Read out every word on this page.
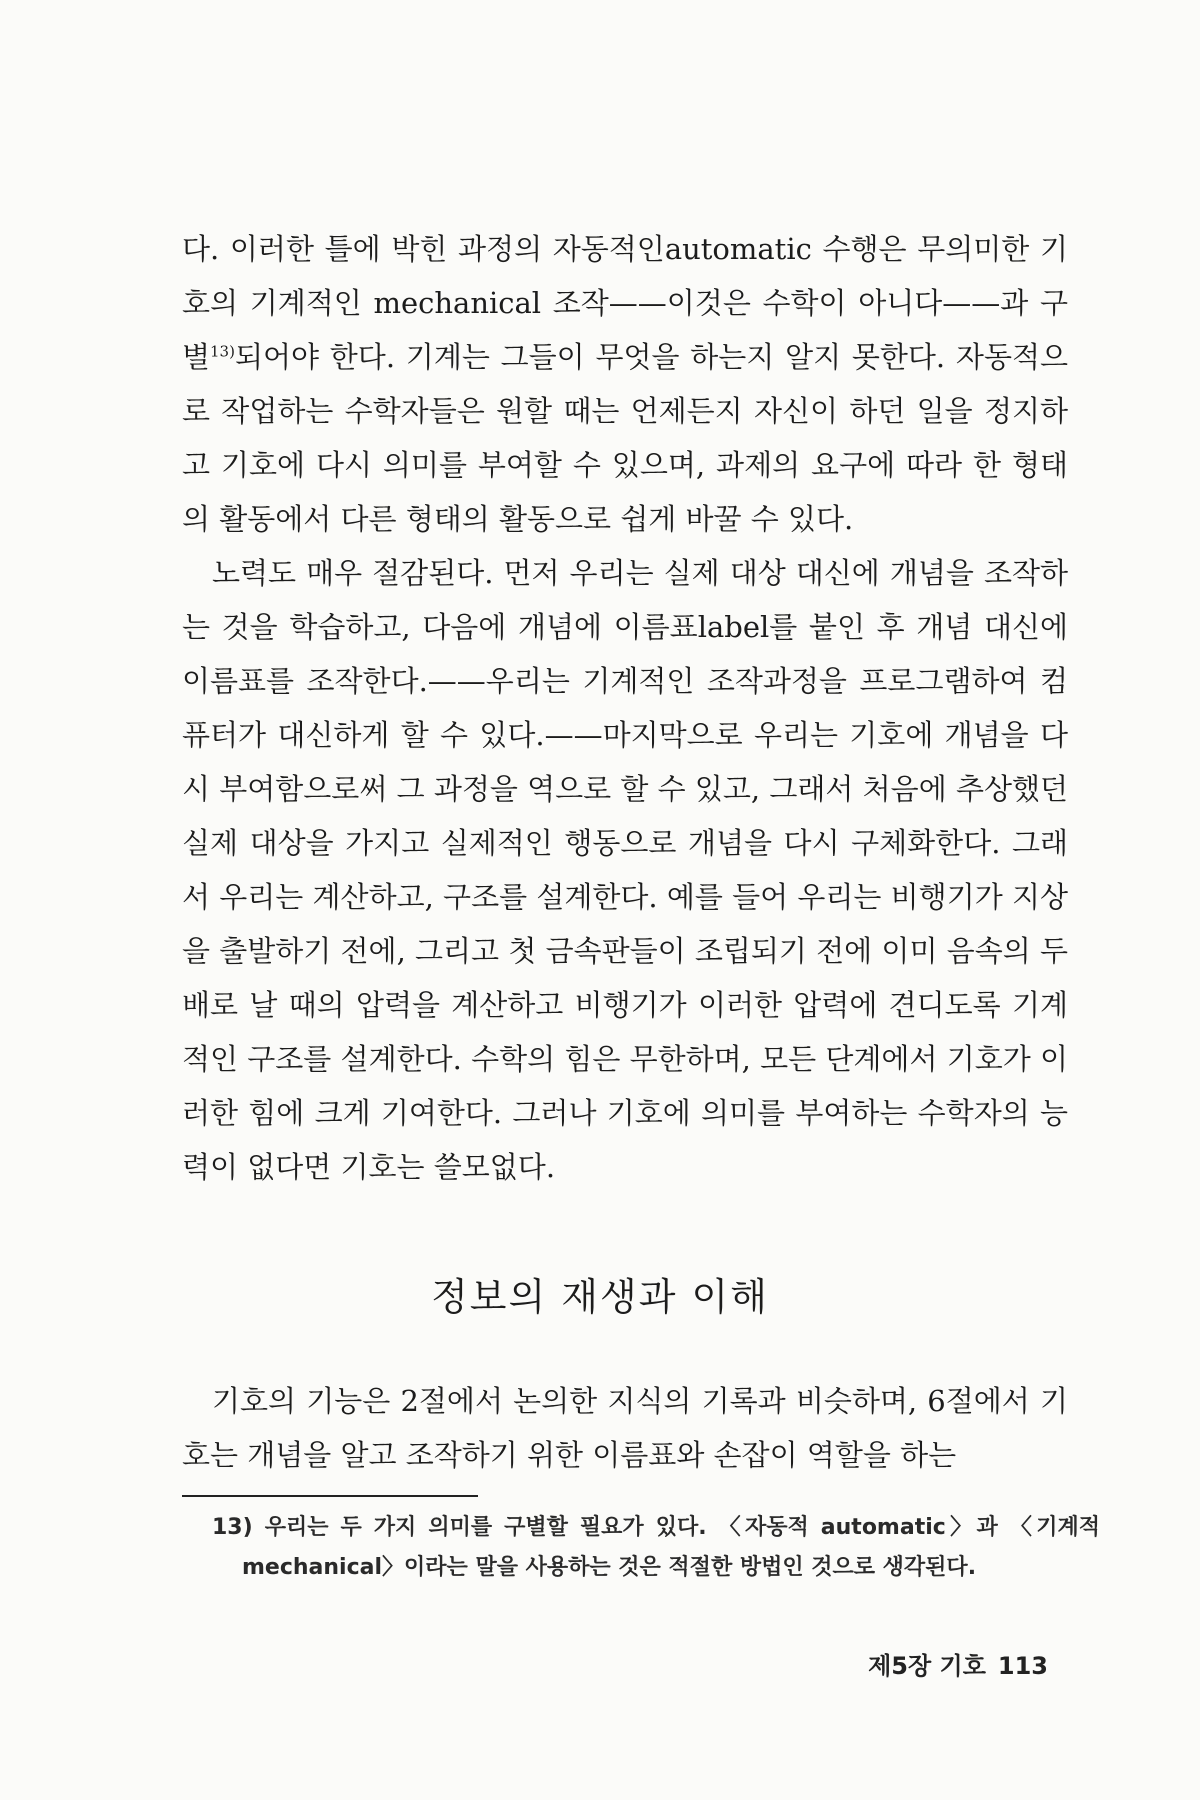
다. 이러한 틀에 박힌 과정의 자동적인automatic 수행은 무의미한 기호의 기계적인 mechanical 조작——이것은 수학이 아니다——과 구별$^{13)}$되어야 한다. 기계는 그들이 무엇을 하는지 알지 못한다. 자동적으로 작업하는 수학자들은 원할 때는 언제든지 자신이 하던 일을 정지하고 기호에 다시 의미를 부여할 수 있으며, 과제의 요구에 따라 한 형태의 활동에서 다른 형태의 활동으로 쉽게 바꿀 수 있다.

노력도 매우 절감된다. 먼저 우리는 실제 대상 대신에 개념을 조작하는 것을 학습하고, 다음에 개념에 이름표label를 붙인 후 개념 대신에 이름표를 조작한다.——우리는 기계적인 조작과정을 프로그램하여 컴퓨터가 대신하게 할 수 있다.——마지막으로 우리는 기호에 개념을 다시 부여함으로써 그 과정을 역으로 할 수 있고, 그래서 처음에 추상했던 실제 대상을 가지고 실제적인 행동으로 개념을 다시 구체화한다. 그래서 우리는 계산하고, 구조를 설계한다. 예를 들어 우리는 비행기가 지상을 출발하기 전에, 그리고 첫 금속판들이 조립되기 전에 이미 음속의 두 배로 날 때의 압력을 계산하고 비행기가 이러한 압력에 견디도록 기계적인 구조를 설계한다. 수학의 힘은 무한하며, 모든 단계에서 기호가 이러한 힘에 크게 기여한다. 그러나 기호에 의미를 부여하는 수학자의 능력이 없다면 기호는 쓸모없다.

정보의 재생과 이해

기호의 기능은 2절에서 논의한 지식의 기록과 비슷하며, 6절에서 기호는 개념을 알고 조작하기 위한 이름표와 손잡이 역할을 하는

13) 우리는 두 가지 의미를 구별할 필요가 있다. 〈자동적 automatic〉과 〈기계적 mechanical〉이라는 말을 사용하는 것은 적절한 방법인 것으로 생각된다.

제5장 기호 113
